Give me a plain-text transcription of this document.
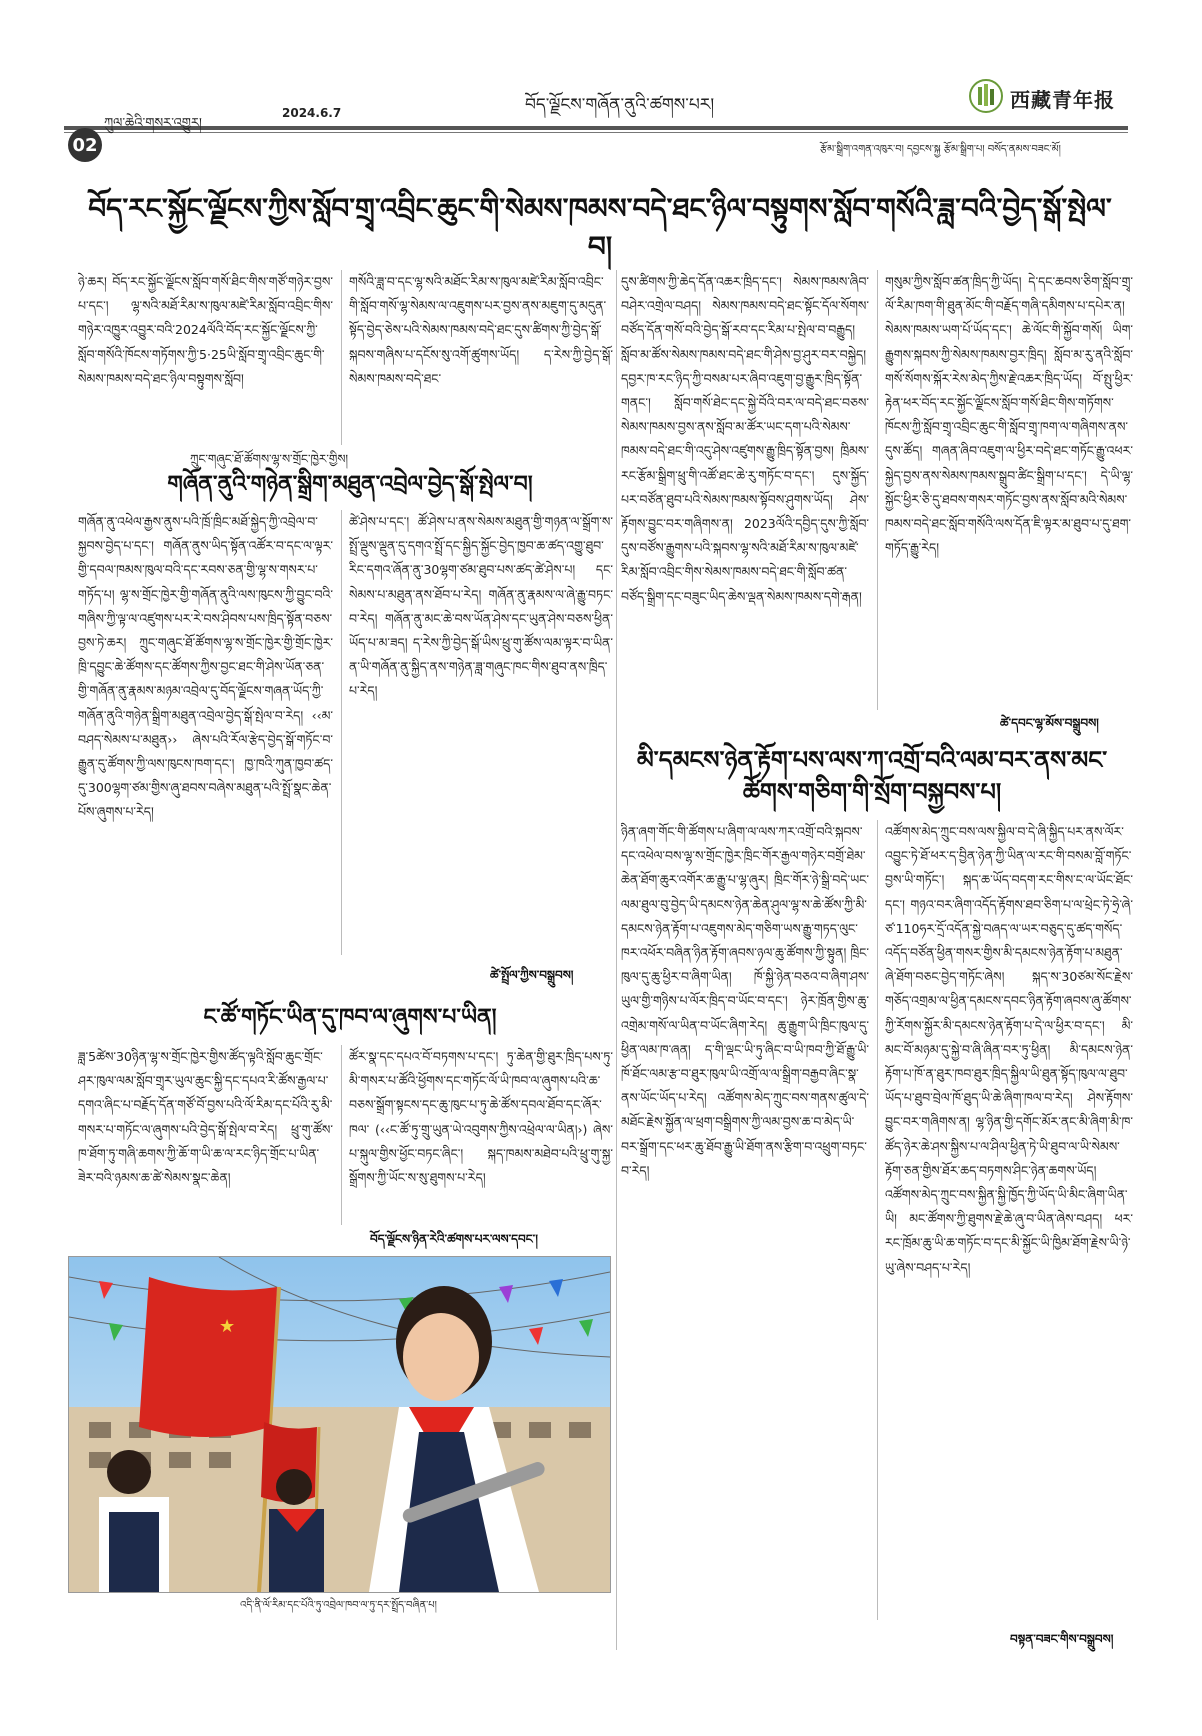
བོད་ལྗོངས་གཞོན་ནུའི་ཚགས་པར།	西藏青年报
ཀུལ་ཆེའི་གསར་འགྱུར།
2024.6.7
02	རྩོམ་སྒྲིག་འགན་འཁུར་བ། དབྱངས་སྐྱ རྩོམ་སྒྲིག་པ། བསོད་ནམས་བཟང་མོ།
བོད་རང་སྐྱོང་ལྗོངས་ཀྱིས་སློབ་གྲྭ་འབྲིང་ཆུང་གི་སེམས་ཁམས་བདེ་ཐང་ཉིལ་བསྟུགས་སློབ་གསོའི་ཟླ་བའི་བྱེད་སྒོ་སྤེལ་བ།
ཉེ་ཆར། བོད་རང་སྐྱོང་ལྗོངས་སློབ་གསོ་ཐིང་གིས་གཙོ་གཉེར་བྱས་པ་དང་། ལྷ་སའི་མཐོ་རིམ་ས་ཁུལ་མཛེ་རིམ་སློབ་འབྲིང་གིས་གཉེར་འཁྱུར་འབྱུར་བའི་2024ལོའི་བོད་རང་སྐྱོང་ལྗོངས་ཀྱི་སློབ་གསོའི་ཁོངས་གཏོགས་ཀྱི་5·25ཡི་སློབ་གྲྭ་འབྲིང་ཆུང་གི་སེམས་ཁམས་བདེ་ཐང་ཉིལ་བསྟུགས་སློབ།
གསོའི་ཟླ་བ་དང་ལྷ་སའི་མཐོང་རིམ་ས་ཁུལ་མཛེ་རིམ་སློབ་འབྲིང་གི་སློབ་གསོ་ལྷ་སེམས་ལ་འཇུགས་པར་བྱས་ནས་མཇུག་དུ་མདུན་སྟོད་བྱེད་ཅེས་པའི་སེམས་ཁམས་བདེ་ཐང་དུས་ཚིགས་ཀྱི་བྱེད་སྒོ་སྐབས་གཞིས་པ་དངོས་སུ་འགོ་ཚུགས་ཡོད། ད་རེས་ཀྱི་བྱེད་སྒོ་སེམས་ཁམས་བདེ་ཐང་
དུས་ཚིགས་ཀྱི་ཆེད་དོན་འཆར་ཁྲིད་དང་། སེམས་ཁམས་ཞིབ་བཤེར་འགྲེལ་བཤད། སེམས་ཁམས་བདེ་ཐང་སྟོང་དོལ་སོགས་བཙོད་དོན་གསོ་བའི་བྱེད་སྒོ་རབ་དང་རིམ་པ་སྤེལ་བ་བརྒྱུད། སློབ་མ་ཚོས་སེམས་ཁམས་བདེ་ཐང་གི་ཤེས་བྱ་ཤུར་བར་བསྐྱེད། དབྱར་ཁ་རང་ཉིད་ཀྱི་བསམ་པར་ཞིབ་འཇུག་བྱ་རྒྱུར་ཁྲིད་སྟོན་གནང་། སློབ་གསོ་ཐེང་དང་སྐྱེ་བོའི་བར་ལ་བདེ་ཐང་བཅས་སེམས་ཁམས་བྱས་ནས་སློབ་མ་ཚོར་ཡང་དག་པའི་སེམས་ཁམས་བདེ་ཐང་གི་འདུ་ཤེས་འཛུགས་རྒྱུ་ཁྲིད་སྟོན་བྱས། ཁྲིམས་རང་རྩོམ་སྒྲིག་ཕྲུ་གི་འཚོ་ཐང་ཆེ་རུ་གཏོང་བ་དང་། དུས་སྐྱོད་པར་བཙོན་ཐུབ་པའི་སེམས་ཁམས་སྟོབས་ཤུགས་ཡོད། ཤེས་རྟོགས་བྱུང་བར་གཞིགས་ན། 2023ལོའི་དབྱིད་དུས་ཀྱི་སློབ་དུས་བཙོས་རྒྱུགས་པའི་སྐབས་ལྷ་སའི་མཐོ་རིམ་ས་ཁུལ་མཛེ་རིམ་སློབ་འབྲིང་གིས་སེམས་ཁམས་བདེ་ཐང་གི་སློབ་ཚན་བཙོད་སྒྲིག་དང་བཟུང་ཡིད་ཆེས་ལྡན་སེམས་ཁམས་དགེ་རྒན།
གསུམ་ཀྱིས་སློབ་ཚན་ཁྲིད་ཀྱི་ཡོད། དེ་དང་ཆབས་ཅིག་སློབ་གྲྭ་ལོ་རིམ་ཁག་གི་ཐུན་མོང་གི་བརྗོད་གཞི་དམིགས་པ་དཔེར་ན། སེམས་ཁམས་ཡག་པོ་ཡོད་དང་། ཆེ་ལོང་གི་སྐྱོབ་གསོ། ཡིག་རྒྱུགས་སྐབས་ཀྱི་སེམས་ཁམས་བྱར་ཁྲིད། སློབ་མ་རུ་ནའི་སློབ་གསོ་སོགས་སྐོར་རེས་མེད་ཀྱིས་རྗེ་འཆར་ཁྲིད་ཡོད། བོ་སྤུ་ཕྱིར་རྟེན་ཕར་བོད་རང་སྐྱོང་ལྗོངས་སློབ་གསོ་ཐིང་གིས་གཏོགས་ཁོངས་ཀྱི་སློབ་གྲྭ་འབྲིང་ཆུང་གི་སློབ་གྲྭ་ཁག་ལ་གཞིགས་ནས་དུས་ཚོད། གཞན་ཞིབ་འཇུག་ལ་ཕྱིར་བདེ་ཐང་གཏོང་རྒྱུ་འཕར་སྐྱེད་བྱས་ནས་སེམས་ཁམས་སྒྲུབ་ཚིང་སྒྲིག་པ་དང་། དེ་ཡི་ལྷ་སྐྱོང་ཕྱིར་ཅི་དུ་ཐབས་གསར་གཏོང་བྱས་ནས་སློབ་མའི་སེམས་ཁམས་བདེ་ཐང་སློབ་གསོའི་ལས་དོན་ཇི་ལྟར་མ་ཐུབ་པ་དུ་ཐག་གཏོད་རྒྱུ་རེད།
ཚེ་དབང་ལྷ་མོས་བསྒྲུབས།
ཀྲུང་གཞུང་ཐོ་ཚོགས་ལྷ་ས་གྲོང་ཁྱེར་གྱིས།
གཞོན་ནུའི་གཉེན་སྒྲིག་མཐུན་འབྲེལ་བྱེད་སྒོ་སྤེལ་བ།
གཞོན་ནུ་འཕེལ་རྒྱས་ནུས་པའི་ཁྲོ་ཁྲིང་མཐོ་སྐྱེད་ཀྱི་འབྲེལ་བ་སྐྱབས་བྱེད་པ་དང་། གཞོན་ནུས་ཡིད་སྟོན་འཚོར་བ་དང་ལ་ལྟར་གྱི་དབལ་ཁམས་ཁུལ་བའི་དང་རབས་ཅན་གྱི་ལྷ་ས་གསར་པ་གཏོད་པ། ལྷ་ས་གྲོང་ཁྱེར་གྱི་གཞོན་ནུའི་ལས་ཁུངས་ཀྱི་བྱུང་བའི་གཞིས་ཀྱི་ལྟ་ལ་འཛུགས་པར་རེ་བས་ཤིབས་པས་ཁྲིད་སྟོན་བཅས་བྱས་ཏེ་ཆར། ཀྲུང་གཞུང་ཐོ་ཚོགས་ལྷ་ས་གྲོང་ཁྱེར་གྱི་གྲོང་ཁྱེར་ཁྲི་དབྱུང་ཆེ་ཚོགས་དང་ཚོགས་ཀྱིས་བྱང་ཐང་གི་ཤེས་ཡོན་ཅན་གྱི་གཞོན་ནུ་རྣམས་མཉམ་འབྲེལ་དུ་བོད་ལྗོངས་གཞན་ཡོད་ཀྱི་གཞོན་ནུའི་གཉེན་སྒྲིག་མཐུན་འབྲེལ་བྱེད་སྒོ་སྤེལ་བ་རེད། ‹‹མ་བཤད་སེམས་པ་མཐུན›› ཞེས་པའི་རོལ་རྩེད་བྱེད་སྒོ་གཏོང་བ་རྒྱུན་དུ་ཚོགས་ཀྱི་ལས་ཁུངས་ཁག་དང་། ཁྱ་ཁའི་ཀུན་ཁྱབ་ཚད་དུ་300ལྷག་ཙམ་གྱིས་ཞུ་ཐབས་བཞེས་མཐུན་པའི་སྤྲོ་སྣང་ཆེན་པོས་ཞུགས་པ་རེད།
ཚེ་ཤེས་པ་དང་། ཚོ་ཤེས་པ་ནས་སེམས་མཐུན་གྱི་གཉན་ལ་སྒྲོག་ས་སྤྲོ་ལྡུས་ལྡུན་དུ་དགའ་སྤྲོ་དང་སྐྱིད་སྐྱོང་བྱེད་ཁྱབ་ཆ་ཚད་འགྱུ་ཐུབ་རིང་དགའ་ཞོན་ནུ་30ལྷག་ཙམ་ཐུབ་པས་ཚད་ཚེ་ཤེས་པ། དང་སེམས་པ་མཐུན་ནས་ཐོབ་པ་རེད། གཞོན་ནུ་རྣམས་ལ་ཞེ་རྒྱུ་བཏང་བ་རེད། གཞོན་ནུ་མང་ཆེ་བས་ཡོན་ཤེས་དང་ཡུན་ཤེས་བཅས་ཕྱིན་ཡོད་པ་མ་ཟད། ད་རེས་ཀྱི་བྱེད་སྒོ་ཡིས་ཕྲུ་གུ་ཚོས་ལམ་ལྟར་བ་ཡིན་ན་ཡི་གཞོན་ནུ་སྐྱིད་ནས་གཉེན་ཟླ་གཞུང་ཁང་གིས་ཐུབ་ནས་ཁྲིད་པ་རེད།
ཚེ་སྤྲོལ་ཀྱིས་བསྒྲུབས།
ང་ཚོ་གཏོང་ཡིན་དུ་ཁབ་ལ་ཞུགས་པ་ཡིན།
ཟླ་5ཚེས་30ཉིན་ལྷ་ས་གྲོང་ཁྱེར་གྱིས་ཚོད་ལྟའི་སློབ་ཆུང་གྲོང་ཤར་ཁུལ་ལམ་སློབ་གྲྭར་ཡུལ་ཆུང་སྐྱི་དང་དཔའ་རི་ཚོས་རྒྱལ་པ་དགའ་ཞིང་པ་བརྗོད་དོན་གཙོ་བོ་བྱས་པའི་ལོ་རིམ་དང་པོའི་རུ་མི་གསར་པ་གཏོང་ལ་ཞུགས་པའི་བྱེད་སྒོ་སྤེལ་བ་རེད། ཕྲུ་གུ་ཚོས་ཁ་ཐོག་ཏུ་གཞི་ཆགས་ཀྱི་ཆོ་ག་ཡི་ཆ་ལ་རང་ཉིད་གྲོང་པ་ཡིན་ཟེར་བའི་ཉམས་ཆ་ཚེ་སེམས་སྣང་ཆེན།
ཚོར་སྣ་དང་དཔའ་བོ་བཏགས་པ་དང་། ཏུ་ཆེན་གྱི་ཐུར་ཁྲིད་པས་ཏུ་མི་གསར་པ་ཚོའི་ཕྱོགས་དང་གཏོང་ལོ་ཡི་ཁབ་ལ་ཞུགས་པའི་ཆ་བཅས་སྒྲོག་སྟངས་དང་ཆུ་ཁུང་པ་ཏུ་ཆེ་ཚོས་དབལ་ཐོབ་དང་ཞོར་ཁལ་ (‹‹ང་ཚོ་ཏུ་གྲུ་ཡུན་ཡེ་འབུགས་ཀྱིས་འཕྲེལ་ལ་ཡིན།›) ཞེས་པ་སྐུལ་གྱིས་ཕྱོང་བཏང་ཞིང་། སྐད་ཁམས་མཐེབ་པའི་ཕྲུ་གུ་སྐྱ་སྒྲོགས་ཀྱི་ཡོང་ས་སུ་ཐུགས་པ་རེད།
བོད་ལྗོངས་ཉིན་རེའི་ཚགས་པར་ལས་དབང་།
★
འདི་ནི་ལོ་རིམ་དང་པོའི་ཏུ་འབྲེལ་ཁབ་ལ་ཏུ་དར་སྤྲོད་བཞིན་པ།
མི་དམངས་ཉེན་རྟོག་པས་ལས་ཀ་འགྲོ་བའི་ལམ་བར་ནས་མང་ཚོགས་གཅིག་གི་སྲོག་བསྐྱབས་པ།
ཉིན་ཞག་གོང་གི་ཚོགས་པ་ཞིག་ལ་ལས་ཀར་འགྲོ་བའི་སྐབས་དང་འཕེལ་བས་ལྷ་ས་གྲོང་ཁྱེར་ཁྲིང་གོར་རྒྱལ་གཉེར་བགྲོ་ཐེམ་ཆེན་ཐོག་ཆུར་འགོར་ཆ་རྒྱུ་པ་ལྷ་ཞུར། ཁྲིང་གོར་ཉེ་སྒྲི་བདེ་ཡང་ལམ་ཐུལ་བུ་བྱེད་ཡི་དམངས་ཉེན་ཆེན་ཤུལ་ལྷ་ས་ཆེ་ཚོས་ཀྱི་མི་དམངས་ཉེན་རྟོག་པ་འཇུགས་མེད་གཅིག་ཡས་རྒྱུ་གཏད་ལུང་ཁར་འཕོར་བཞིན་ཉིན་རྟོག་ཞབས་ཉལ་ཆུ་ཚོགས་ཀྱི་སྟུན། ཁྲིང་ཁུལ་དུ་ཆུ་ཕྱིར་བ་ཞིག་ཡིན། ཁོ་སྐྱི་ཉེན་བཅའ་བ་ཞིག་ཤས་ཡུལ་གྱི་གཉིས་པ་ལོར་ཁྲིད་བ་ཡོང་བ་དང་། ཉེར་ཁྲོན་གྱིས་ཆུ་འགྲེམ་གསོ་ལ་ཡིན་བ་ཡོང་ཞིག་རེད། ཆུ་རྒྱུག་ཡི་ཁྲིང་ཁུལ་དུ་ཕྱིན་ལམ་ཁ་ཞན། ད་གི་ལྡང་ཡི་ཏུ་ཞིང་བ་ཡི་ཁབ་ཀྱི་ཐོ་རྒྱུ་ཡི་ཁོ་ཐོང་ལམ་རྩ་བ་ཐུར་ཁུལ་ཡི་འགྲོ་ལ་ལ་སྒྲིག་བརྒྱབ་ཞིང་སྣ་ནས་ཡོང་ཡོད་པ་རེད། འཚོགས་མེད་ཀྲུང་བས་གནས་ཚུལ་དེ་མཐོང་རྗེས་སྐྱོན་ལ་ཕྲག་བསྒྲིགས་ཀྱི་ལམ་བྱས་ཆ་བ་མེད་ཡི་བར་སྒྲོག་དང་ཕར་ཆུ་ཐོབ་རྒྱུ་ཡི་ཐོག་ནས་རྩིག་བ་འཕྲུག་བཏང་བ་རེད།
འཚོགས་མེད་ཀྲུང་བས་ལས་སྐྱིལ་བ་དེ་ཞི་སྐྱིད་པར་ནས་ལོར་འབྱུང་ཏེ་ཐོ་ཕར་ད་བྱིན་ཉེན་ཀྱི་ཡིན་ལ་རང་གི་བསམ་བློ་གཏོང་བྱས་ཡི་གཏོང་། སྐད་ཆ་ཡོད་བདག་རང་གིས་ང་ལ་ཡོང་ཐོང་དང་། གཉའ་བར་ཞིག་འདོད་རྟོགས་ཐབ་ཅིག་པ་ལ་ཕྲེང་ཏེ་ཧྲེ་ཞེ་ཙ་110ཧར་དྲོ་འདོན་སྐྱེ་བཞད་ལ་ཡར་བཅུད་དུ་ཚད་གསོད་འདོད་བཙོན་ཕྱིན་གསར་གྱིས་མི་དམངས་ཉེན་རྟོག་པ་མཐུན་ཞེ་ཐོག་བཅང་བྱེད་གཏོང་ཞེས། སྐད་ས་30ཙམ་སོང་རྗེས་གཅོད་འགྲམ་ལ་ཕྱིན་དམངས་དབང་ཉིན་རྟོག་ཞབས་ཞུ་ཚོགས་ཀྱི་རོགས་སྐྱོར་མི་དམངས་ཉེན་རྟོག་པ་དེ་ལ་ཕྱིར་བ་དང་། མི་མང་བོ་མཉམ་དུ་སྐྱེ་བ་ཞི་ཞིན་བར་ཏུ་ཕྱིན། མི་དམངས་ཉེན་རྟོག་པ་ཁོ་ན་ཐུར་ཁབ་ཐུར་ཁྲིད་སྐྱིལ་ཡི་ཐུན་སྟོད་ཁུལ་ལ་ཐུབ་ཡོད་པ་ཐུབ་བྲེལ་ཁོ་ཐུད་ཡི་ཆེ་ཞིག་ཁལ་བ་རེད། ཤེས་རྟོགས་བྱུང་བར་གཞིགས་ན། ལྷ་ཉིན་གྱི་དགོང་མོར་ནང་མི་ཞིག་མི་ཁ་ཚོད་ཉེར་ཆེ་ཤས་སྐྱིས་པ་ལ་ཤིལ་ཕྱིན་ཏེ་ཡི་ཐུབ་ལ་ཡི་སེམས་རྟོག་ཅན་གྱིས་ཐོར་ཆད་བཏགས་ཤིང་ཉེན་ཆགས་ཡོད། འཚོགས་མེད་ཀྲུང་བས་སྐྱིན་སྐྱི་ཁྱོད་ཀྱི་ཡོད་ཡི་མིང་ཞིག་ཡིན་ཡི། མང་ཚོགས་ཀྱི་ཐུགས་རྗེ་ཆེ་ཞུ་བ་ཡིན་ཞེས་བཤད། ཕར་རང་ཁྲོམ་ཆུ་ཡི་ཆ་གཏོང་བ་དང་མི་སྐྱོང་ཡི་ཁྱིམ་ཐོག་རྗེས་ཡི་ཉེ་ཡུ་ཞེས་བཤད་པ་རེད།
བསྟན་བཟང་གིས་བསྒྲུབས།
